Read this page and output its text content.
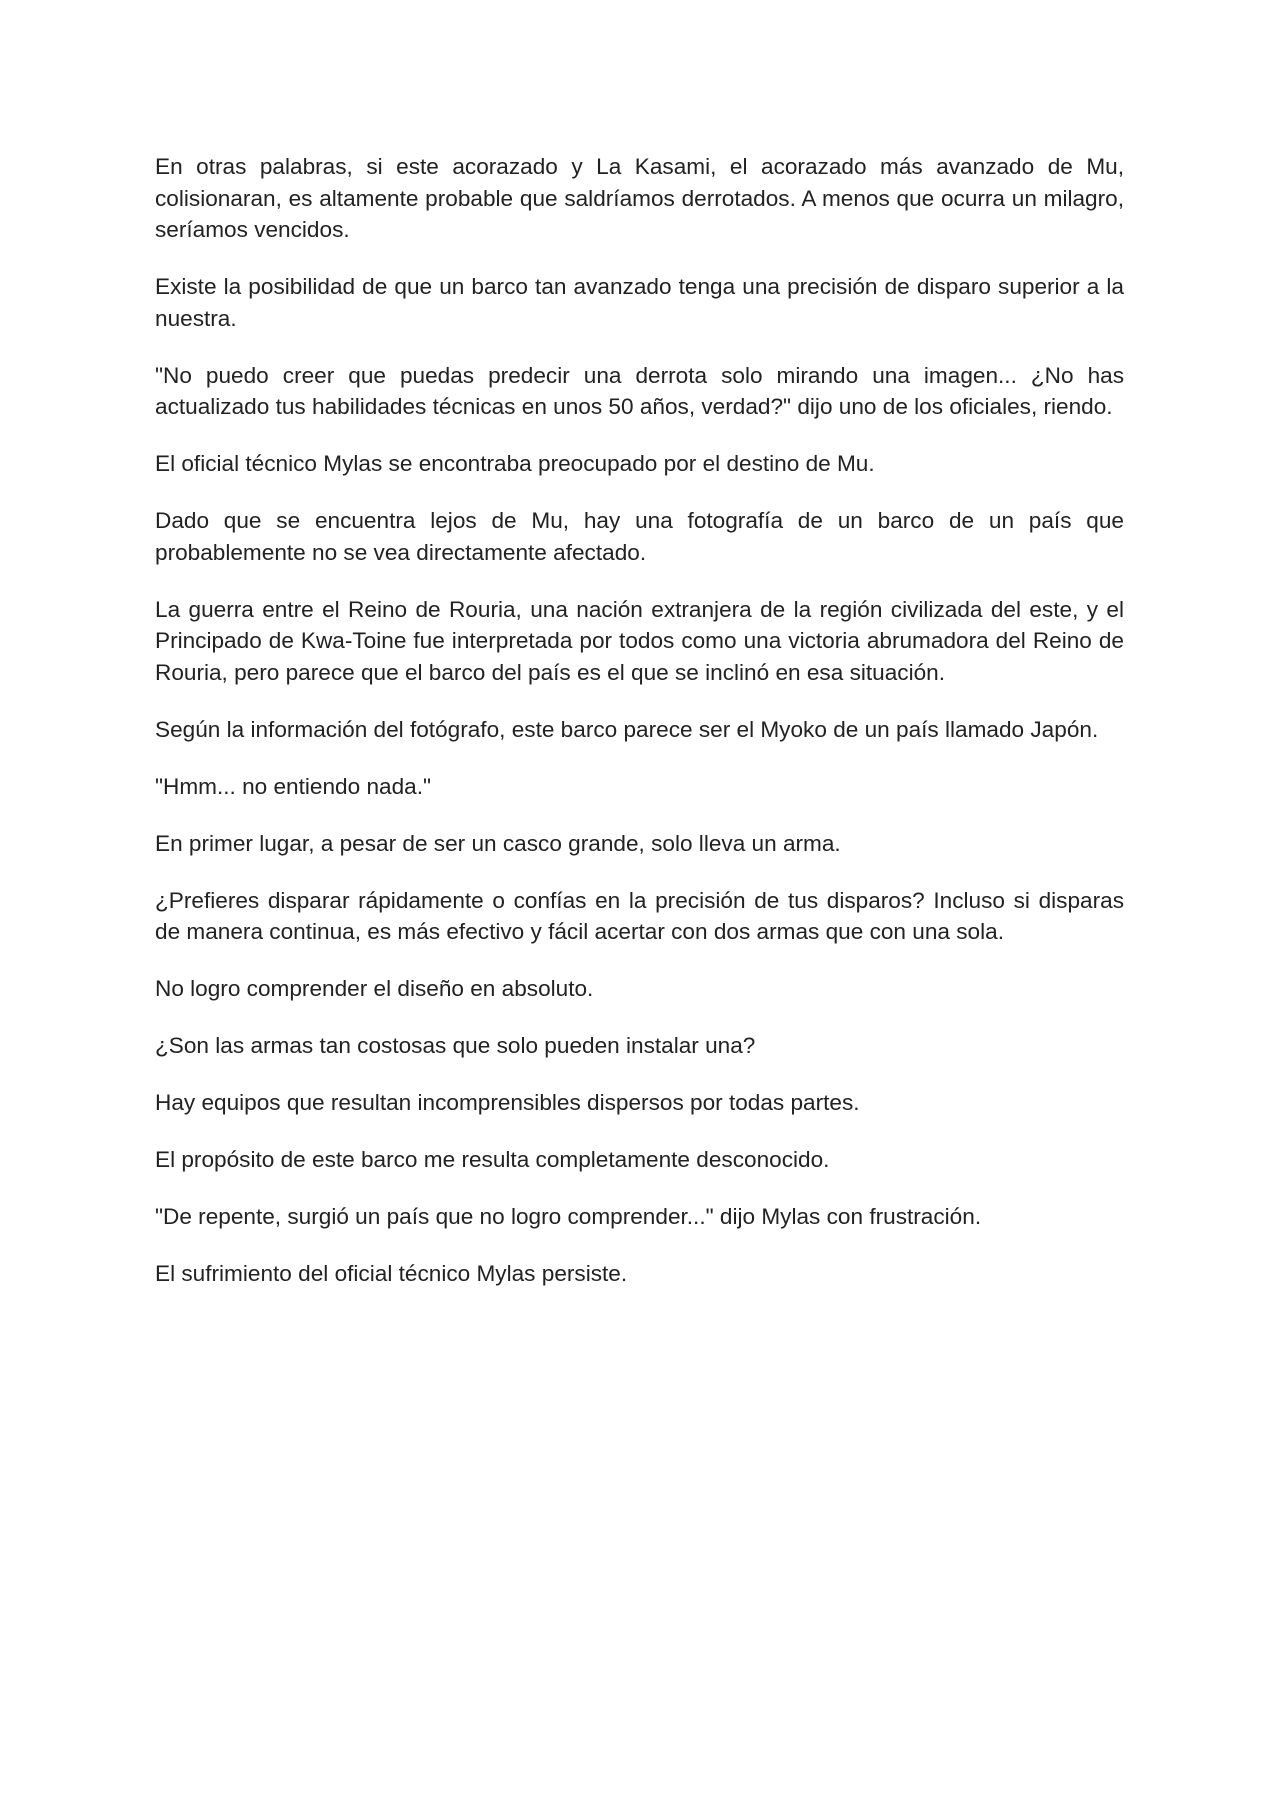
En otras palabras, si este acorazado y La Kasami, el acorazado más avanzado de Mu, colisionaran, es altamente probable que saldríamos derrotados. A menos que ocurra un milagro, seríamos vencidos.

Existe la posibilidad de que un barco tan avanzado tenga una precisión de disparo superior a la nuestra.

"No puedo creer que puedas predecir una derrota solo mirando una imagen... ¿No has actualizado tus habilidades técnicas en unos 50 años, verdad?" dijo uno de los oficiales, riendo.

El oficial técnico Mylas se encontraba preocupado por el destino de Mu.

Dado que se encuentra lejos de Mu, hay una fotografía de un barco de un país que probablemente no se vea directamente afectado.

La guerra entre el Reino de Rouria, una nación extranjera de la región civilizada del este, y el Principado de Kwa-Toine fue interpretada por todos como una victoria abrumadora del Reino de Rouria, pero parece que el barco del país es el que se inclinó en esa situación.

Según la información del fotógrafo, este barco parece ser el Myoko de un país llamado Japón.

"Hmm... no entiendo nada."

En primer lugar, a pesar de ser un casco grande, solo lleva un arma.

¿Prefieres disparar rápidamente o confías en la precisión de tus disparos? Incluso si disparas de manera continua, es más efectivo y fácil acertar con dos armas que con una sola.

No logro comprender el diseño en absoluto.

¿Son las armas tan costosas que solo pueden instalar una?

Hay equipos que resultan incomprensibles dispersos por todas partes.

El propósito de este barco me resulta completamente desconocido.

"De repente, surgió un país que no logro comprender..." dijo Mylas con frustración.

El sufrimiento del oficial técnico Mylas persiste.
